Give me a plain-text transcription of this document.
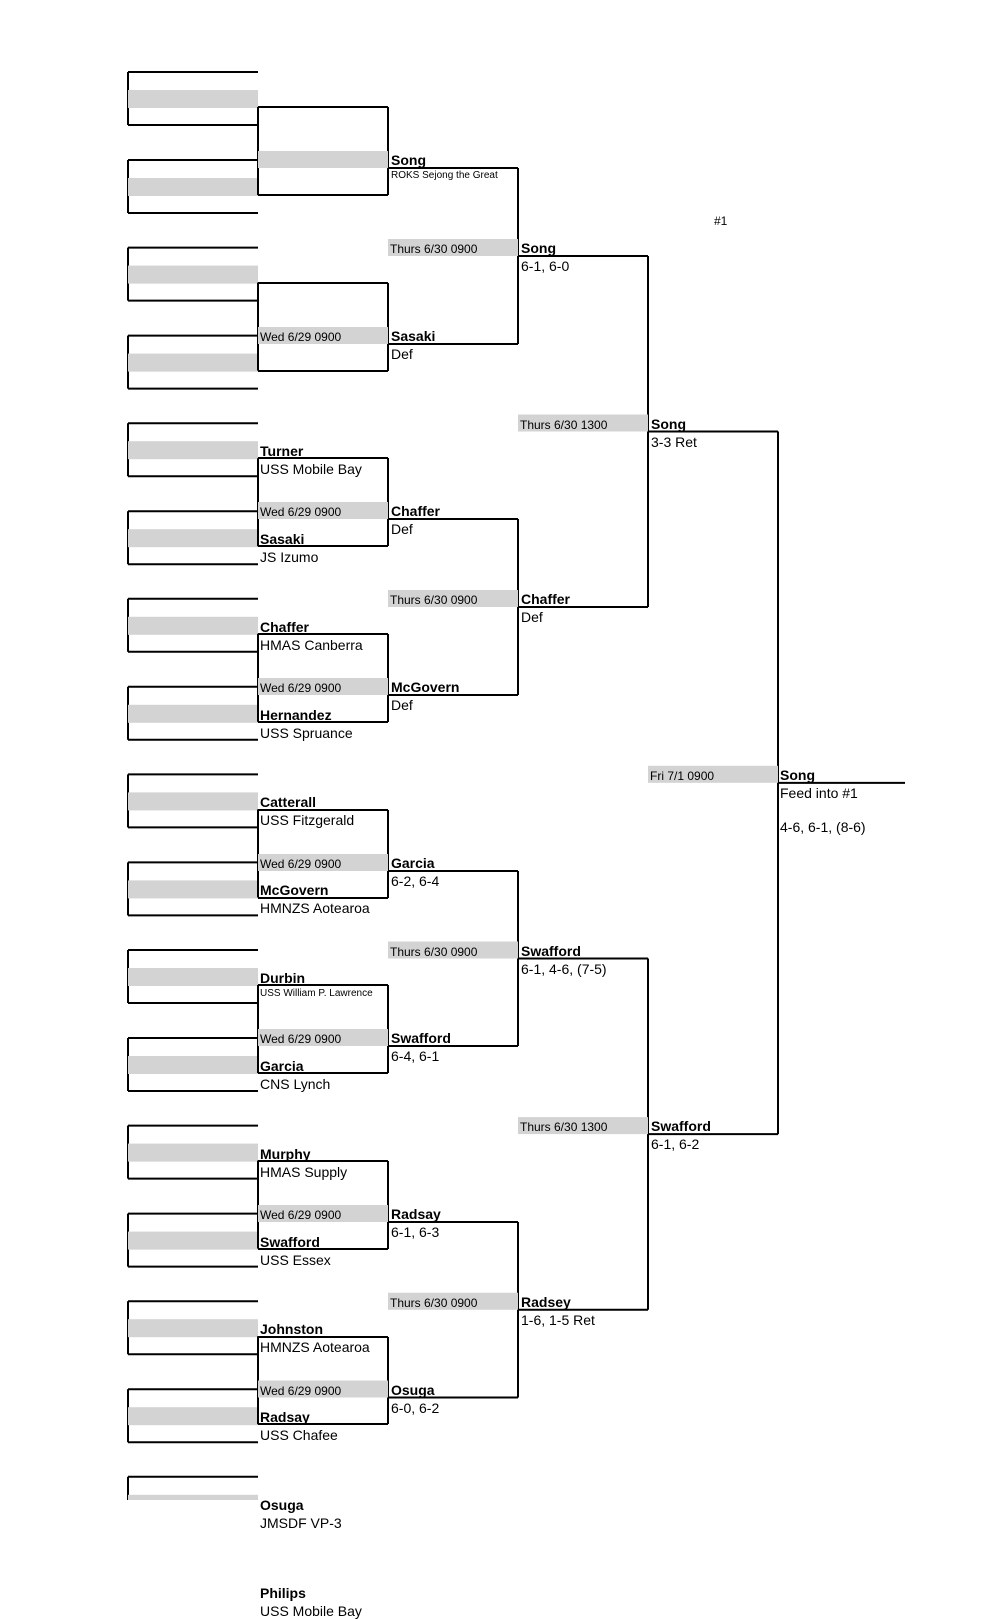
Turner
USS Mobile Bay
Sasaki
JS Izumo
Chaffer
HMAS Canberra
Hernandez
USS Spruance
Catterall
USS Fitzgerald
McGovern
HMNZS Aotearoa
Durbin
USS William P. Lawrence
Garcia
CNS Lynch
Murphy
HMAS Supply
Swafford
USS Essex
Johnston
HMNZS Aotearoa
Radsay
USS Chafee
Osuga
JMSDF VP-3
Philips
USS Mobile Bay
Song
ROKS Sejong the Great
Wed 6/29 0900	Sasaki
Def
Wed 6/29 0900	Chaffer
Def
Wed 6/29 0900	McGovern
Def
Wed 6/29 0900	Garcia
6-2, 6-4
Wed 6/29 0900	Swafford
6-4, 6-1
Wed 6/29 0900	Radsay
6-1, 6-3
Wed 6/29 0900	Osuga
6-0, 6-2
Thurs 6/30 0900	Song
6-1, 6-0
Thurs 6/30 0900	Chaffer
Def
Thurs 6/30 0900	Swafford
6-1, 4-6, (7-5)
Thurs 6/30 0900	Radsey
1-6, 1-5 Ret
Thurs 6/30 1300	Song
3-3 Ret
Thurs 6/30 1300	Swafford
6-1, 6-2
Fri 7/1 0900	Song
Feed into #1
4-6, 6-1, (8-6)
#1
